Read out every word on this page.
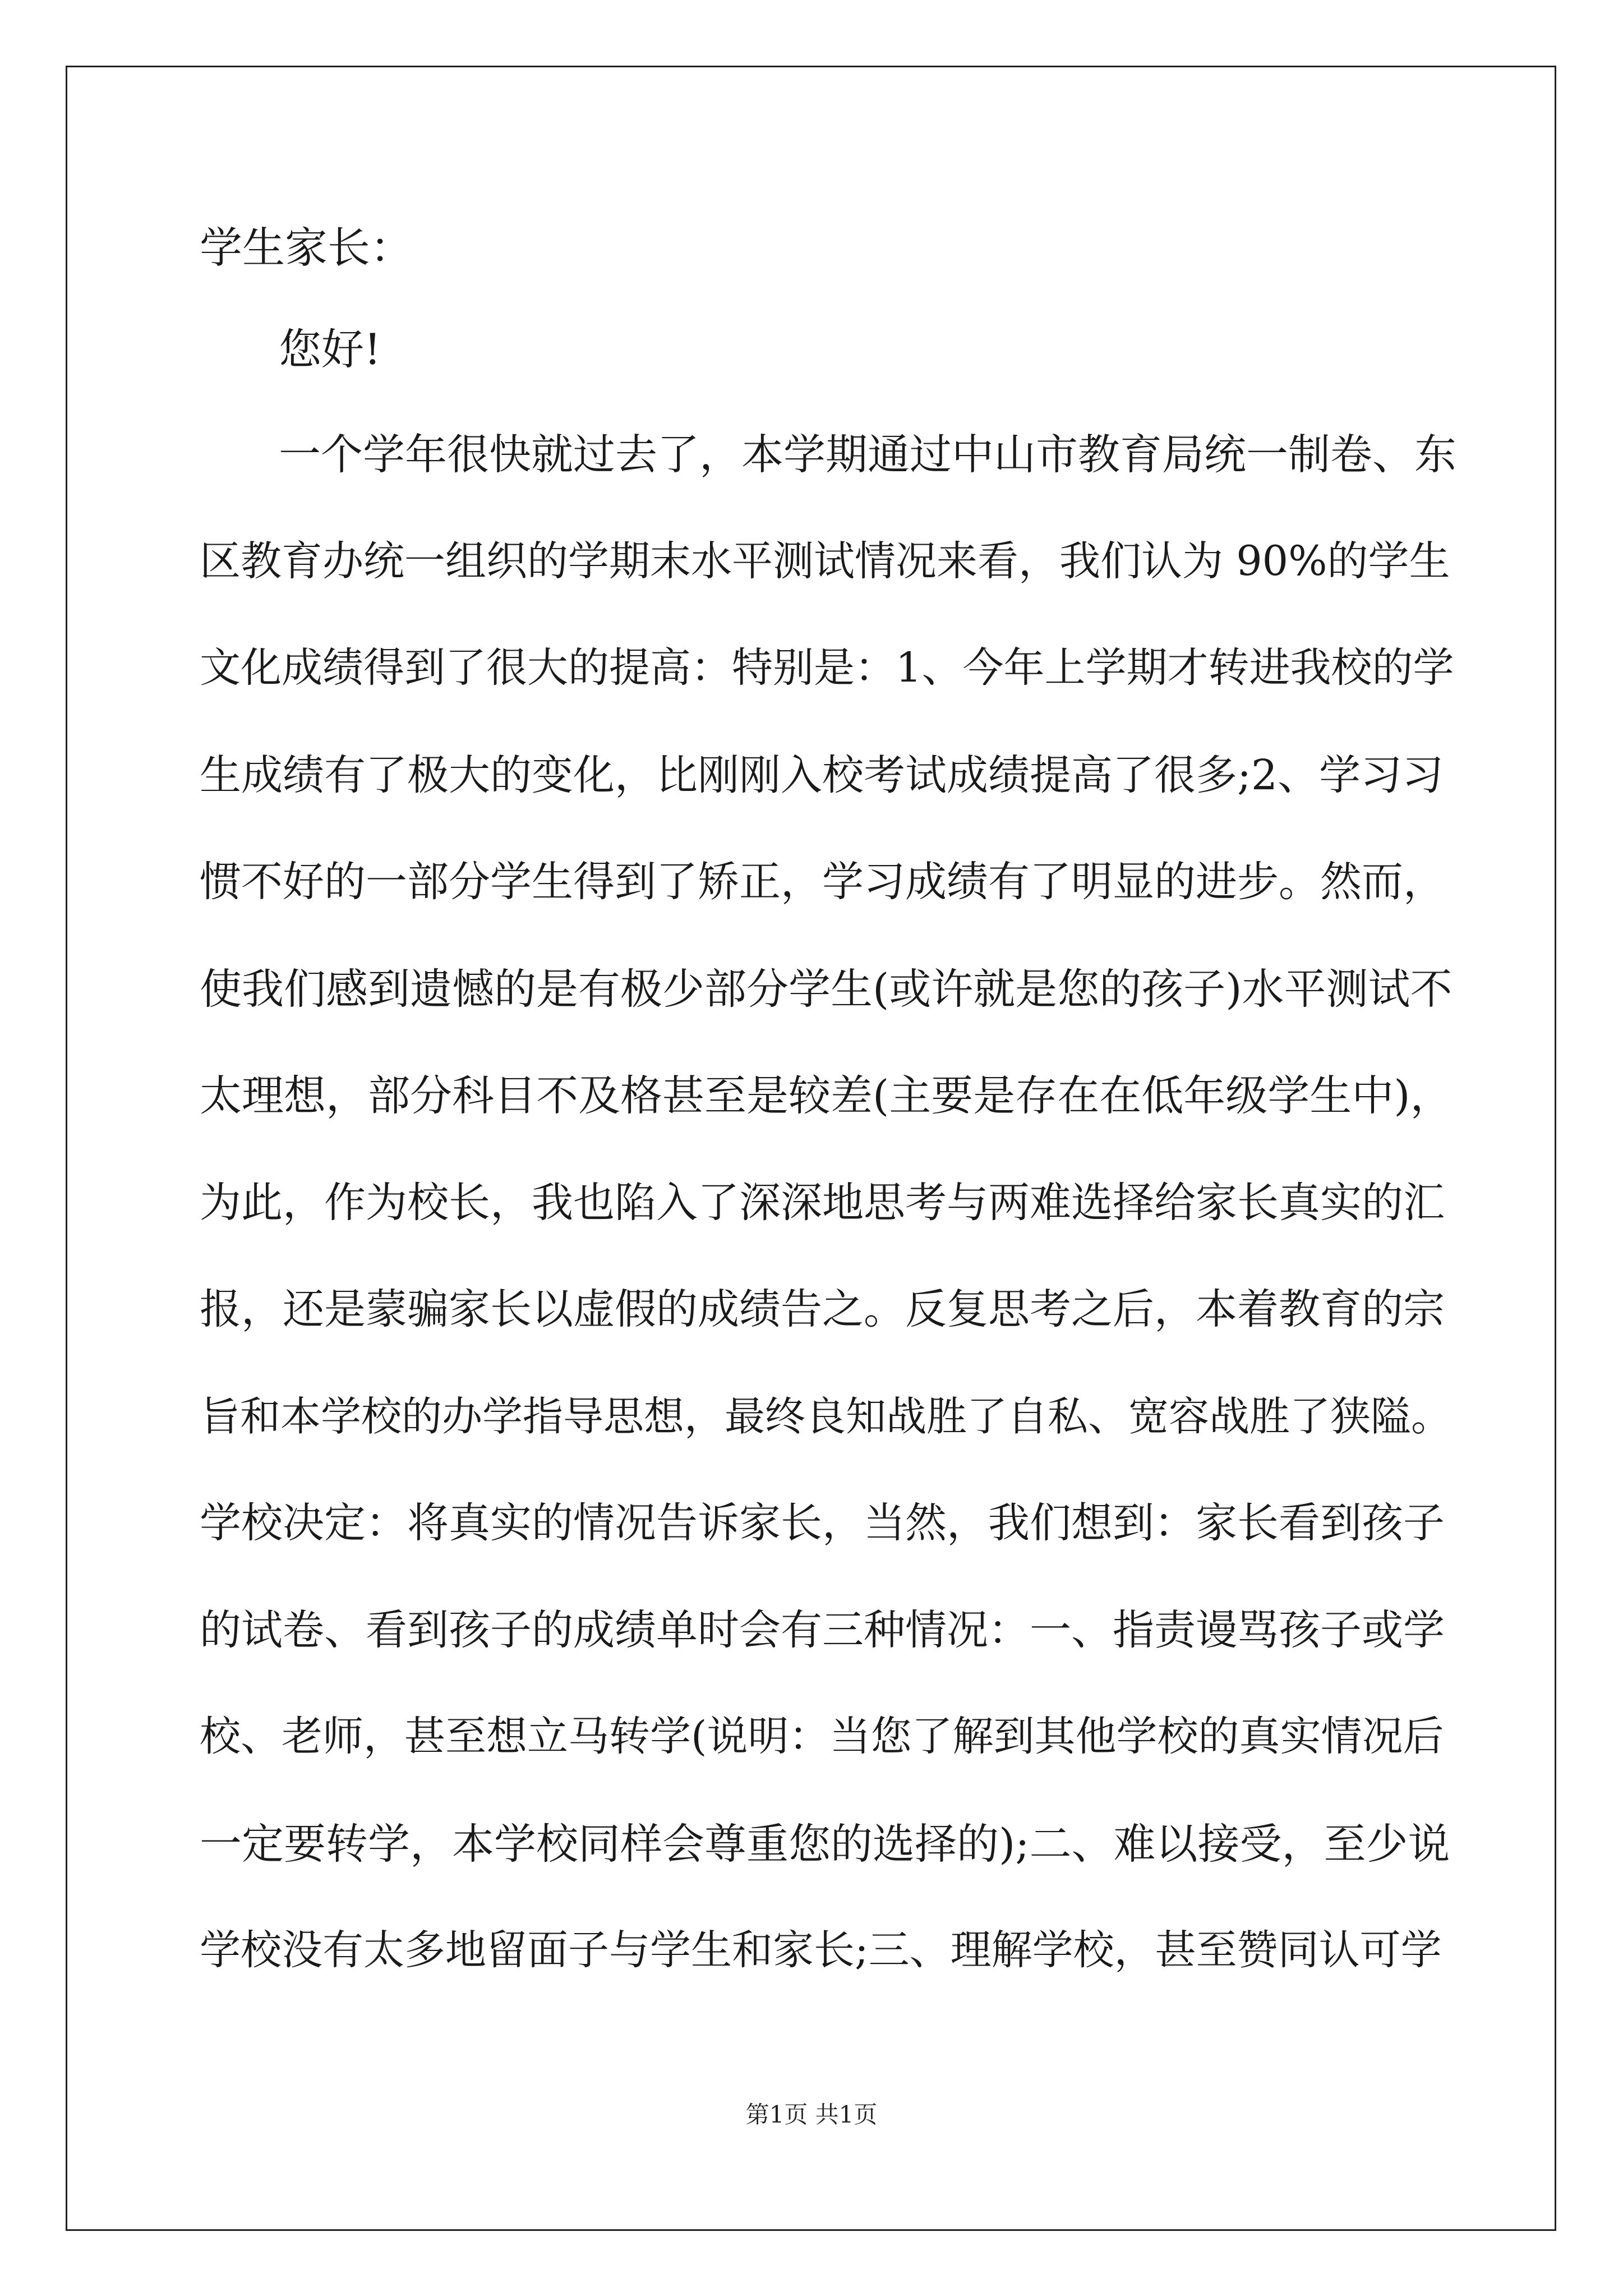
学生家长：
您好!
一个学年很快就过去了，本学期通过中山市教育局统一制卷、东
区教育办统一组织的学期末水平测试情况来看，我们认为 90%的学生
文化成绩得到了很大的提高：特别是：1、今年上学期才转进我校的学
生成绩有了极大的变化，比刚刚入校考试成绩提高了很多;2、学习习
惯不好的一部分学生得到了矫正，学习成绩有了明显的进步。然而，
使我们感到遗憾的是有极少部分学生(或许就是您的孩子)水平测试不
太理想，部分科目不及格甚至是较差(主要是存在在低年级学生中)，
为此，作为校长，我也陷入了深深地思考与两难选择给家长真实的汇
报，还是蒙骗家长以虚假的成绩告之。反复思考之后，本着教育的宗
旨和本学校的办学指导思想，最终良知战胜了自私、宽容战胜了狭隘。
学校决定：将真实的情况告诉家长，当然，我们想到：家长看到孩子
的试卷、看到孩子的成绩单时会有三种情况：一、指责谩骂孩子或学
校、老师，甚至想立马转学(说明：当您了解到其他学校的真实情况后
一定要转学，本学校同样会尊重您的选择的);二、难以接受，至少说
学校没有太多地留面子与学生和家长;三、理解学校，甚至赞同认可学
第1页 共1页
